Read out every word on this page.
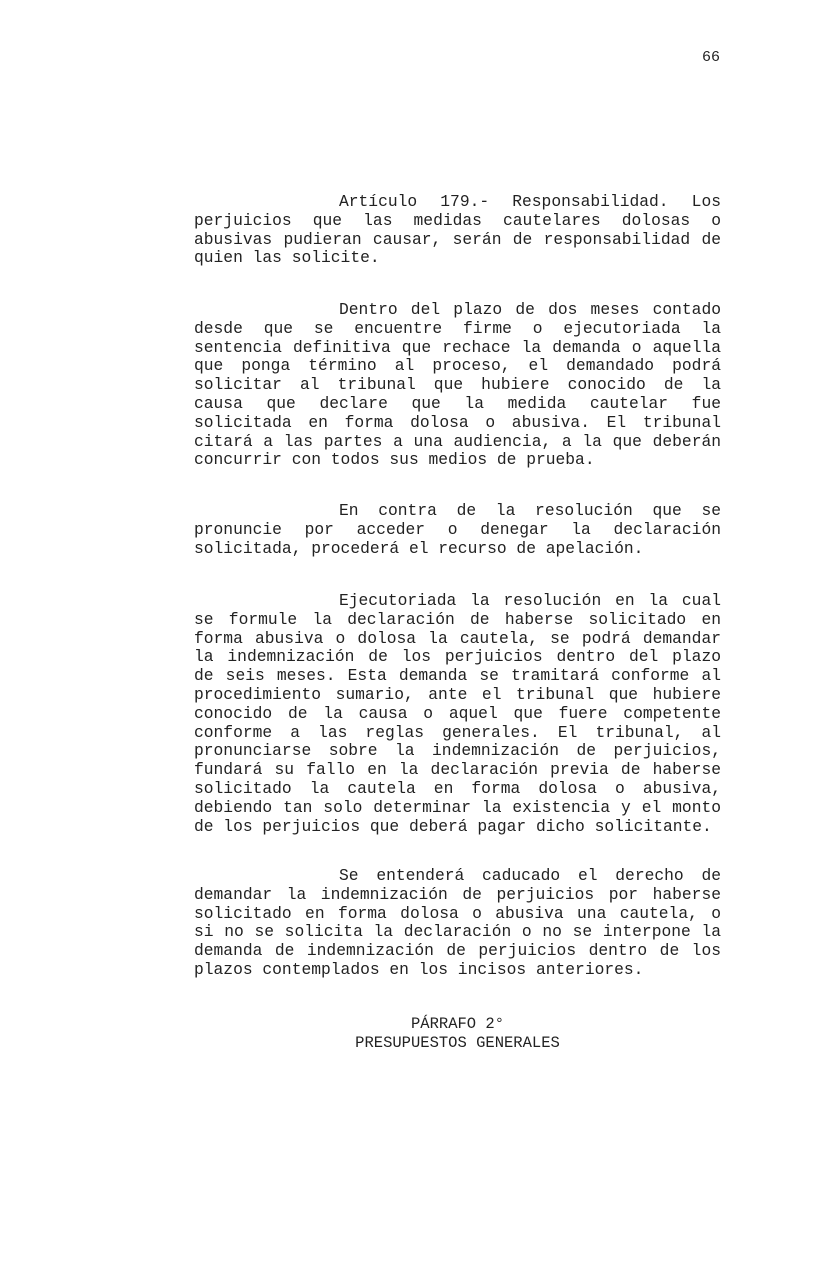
66
Artículo 179.- Responsabilidad. Los
perjuicios que las medidas cautelares dolosas o
abusivas pudieran causar, serán de responsabilidad de
quien las solicite.
Dentro del plazo de dos meses contado
desde que se encuentre firme o ejecutoriada la
sentencia definitiva que rechace la demanda o aquella
que ponga término al proceso, el demandado podrá
solicitar al tribunal que hubiere conocido de la
causa que declare que la medida cautelar fue
solicitada en forma dolosa o abusiva. El tribunal
citará a las partes a una audiencia, a la que deberán
concurrir con todos sus medios de prueba.
En contra de la resolución que se
pronuncie por acceder o denegar la declaración
solicitada, procederá el recurso de apelación.
Ejecutoriada la resolución en la cual
se formule la declaración de haberse solicitado en
forma abusiva o dolosa la cautela, se podrá demandar
la indemnización de los perjuicios dentro del plazo
de seis meses. Esta demanda se tramitará conforme al
procedimiento sumario, ante el tribunal que hubiere
conocido de la causa o aquel que fuere competente
conforme a las reglas generales. El tribunal, al
pronunciarse sobre la indemnización de perjuicios,
fundará su fallo en la declaración previa de haberse
solicitado la cautela en forma dolosa o abusiva,
debiendo tan solo determinar la existencia y el monto
de los perjuicios que deberá pagar dicho solicitante.
Se entenderá caducado el derecho de
demandar la indemnización de perjuicios por haberse
solicitado en forma dolosa o abusiva una cautela, o
si no se solicita la declaración o no se interpone la
demanda de indemnización de perjuicios dentro de los
plazos contemplados en los incisos anteriores.
PÁRRAFO 2°
PRESUPUESTOS GENERALES
